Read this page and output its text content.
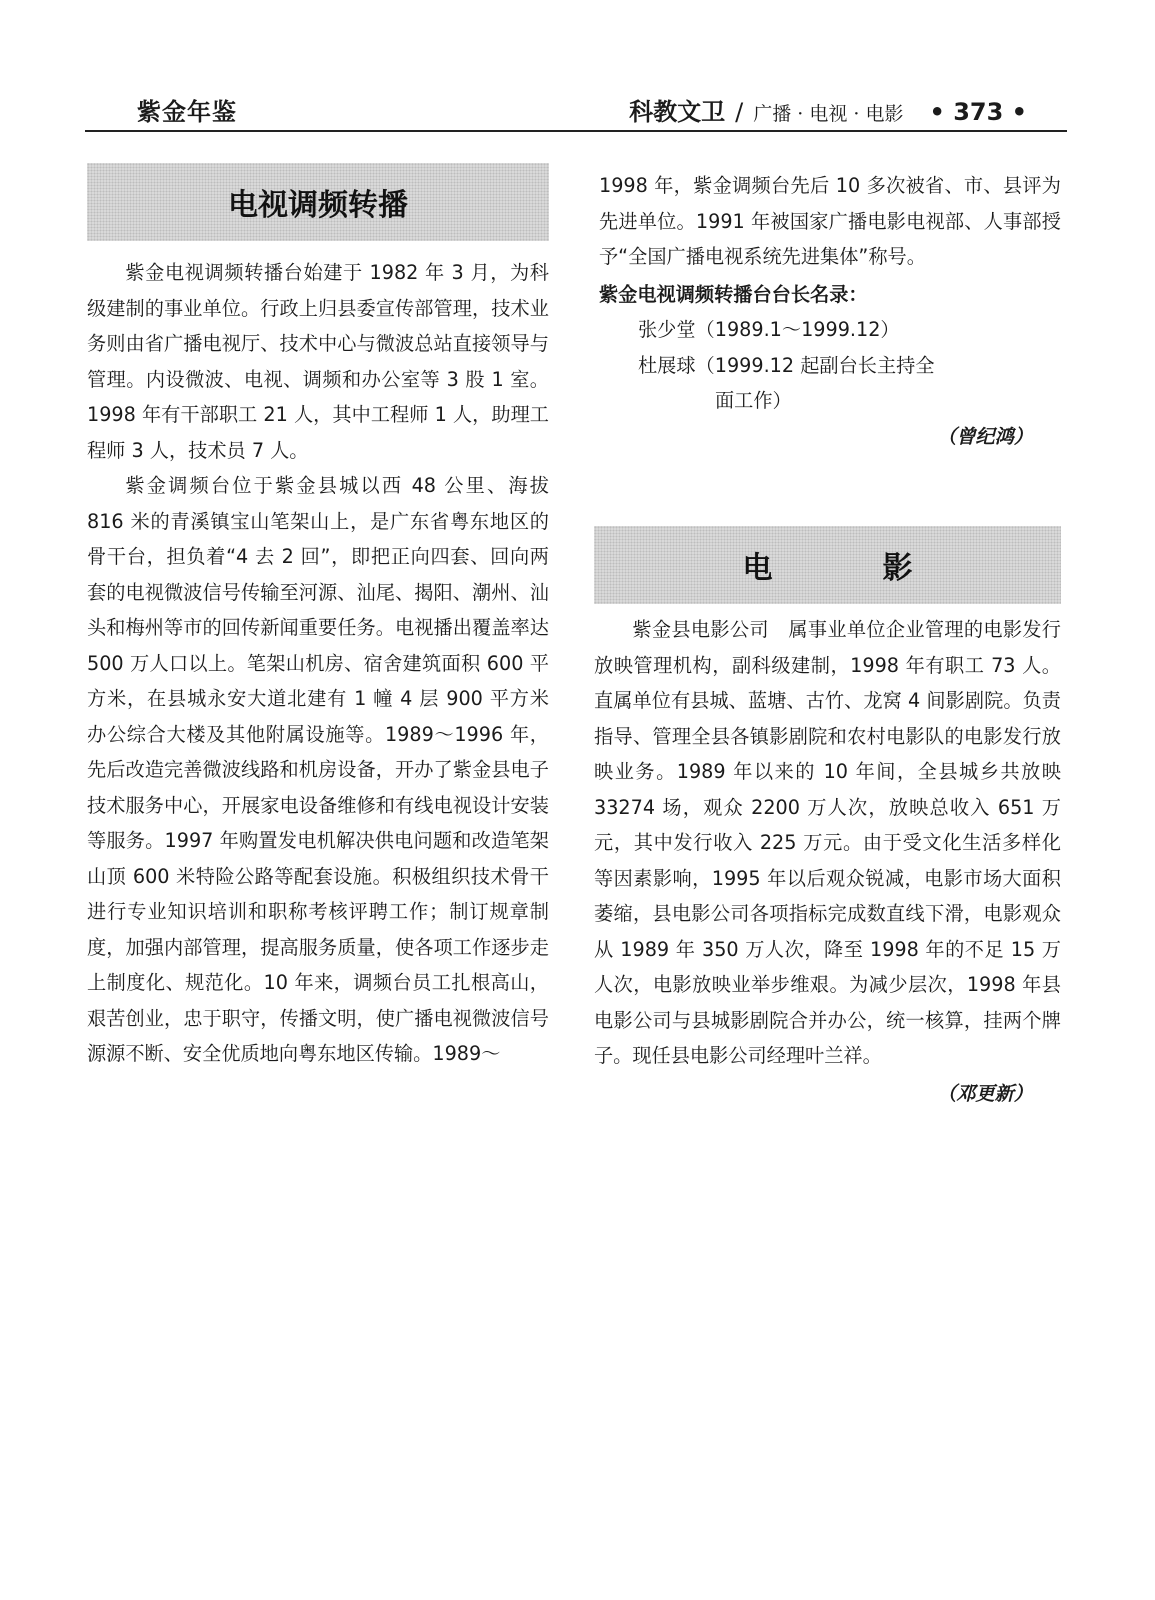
紫金年鉴	科教文卫 / 广播 · 电视 · 电影 • 373 •
电视调频转播

紫金电视调频转播台始建于 1982 年 3 月，为科级建制的事业单位。行政上归县委宣传部管理，技术业务则由省广播电视厅、技术中心与微波总站直接领导与管理。内设微波、电视、调频和办公室等 3 股 1 室。1998 年有干部职工 21 人，其中工程师 1 人，助理工程师 3 人，技术员 7 人。

紫金调频台位于紫金县城以西 48 公里、海拔 816 米的青溪镇宝山笔架山上，是广东省粤东地区的骨干台，担负着“4 去 2 回”，即把正向四套、回向两套的电视微波信号传输至河源、汕尾、揭阳、潮州、汕头和梅州等市的回传新闻重要任务。电视播出覆盖率达 500 万人口以上。笔架山机房、宿舍建筑面积 600 平方米，在县城永安大道北建有 1 幢 4 层 900 平方米办公综合大楼及其他附属设施等。1989～1996 年，先后改造完善微波线路和机房设备，开办了紫金县电子技术服务中心，开展家电设备维修和有线电视设计安装等服务。1997 年购置发电机解决供电问题和改造笔架山顶 600 米特险公路等配套设施。积极组织技术骨干进行专业知识培训和职称考核评聘工作；制订规章制度，加强内部管理，提高服务质量，使各项工作逐步走上制度化、规范化。10 年来，调频台员工扎根高山，艰苦创业，忠于职守，传播文明，使广播电视微波信号源源不断、安全优质地向粤东地区传输。1989～

1998 年，紫金调频台先后 10 多次被省、市、县评为先进单位。1991 年被国家广播电影电视部、人事部授予“全国广播电视系统先进集体”称号。

紫金电视调频转播台台长名录：

张少堂（1989.1～1999.12）

杜展球（1999.12 起副台长主持全

面工作）

（曾纪鸿）

电	影

紫金县电影公司　属事业单位企业管理的电影发行放映管理机构，副科级建制，1998 年有职工 73 人。直属单位有县城、蓝塘、古竹、龙窝 4 间影剧院。负责指导、管理全县各镇影剧院和农村电影队的电影发行放映业务。1989 年以来的 10 年间，全县城乡共放映 33274 场，观众 2200 万人次，放映总收入 651 万元，其中发行收入 225 万元。由于受文化生活多样化等因素影响，1995 年以后观众锐减，电影市场大面积萎缩，县电影公司各项指标完成数直线下滑，电影观众从 1989 年 350 万人次，降至 1998 年的不足 15 万人次，电影放映业举步维艰。为减少层次，1998 年县电影公司与县城影剧院合并办公，统一核算，挂两个牌子。现任县电影公司经理叶兰祥。

（邓更新）
